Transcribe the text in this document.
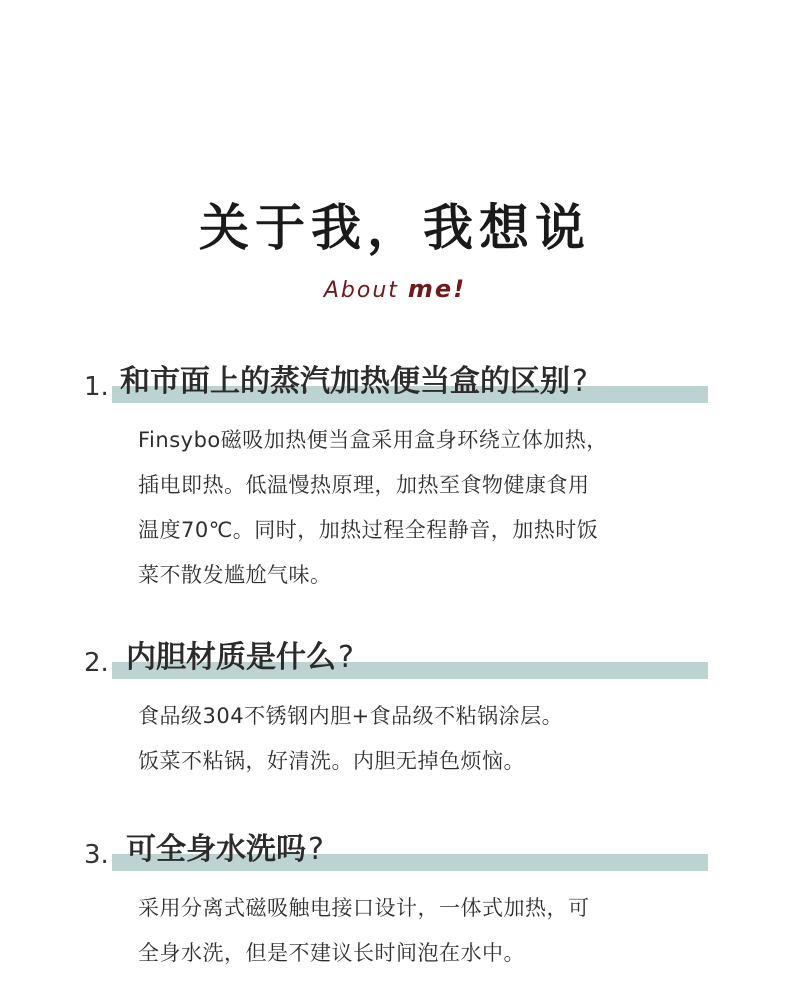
关于我，我想说
About me!
1. 和市面上的蒸汽加热便当盒的区别?

Finsybo磁吸加热便当盒采用盒身环绕立体加热，

插电即热。低温慢热原理，加热至食物健康食用

温度70℃。同时，加热过程全程静音，加热时饭

菜不散发尴尬气味。

2. 内胆材质是什么?

食品级304不锈钢内胆+食品级不粘锅涂层。

饭菜不粘锅，好清洗。内胆无掉色烦恼。

3. 可全身水洗吗?

采用分离式磁吸触电接口设计，一体式加热，可

全身水洗，但是不建议长时间泡在水中。
